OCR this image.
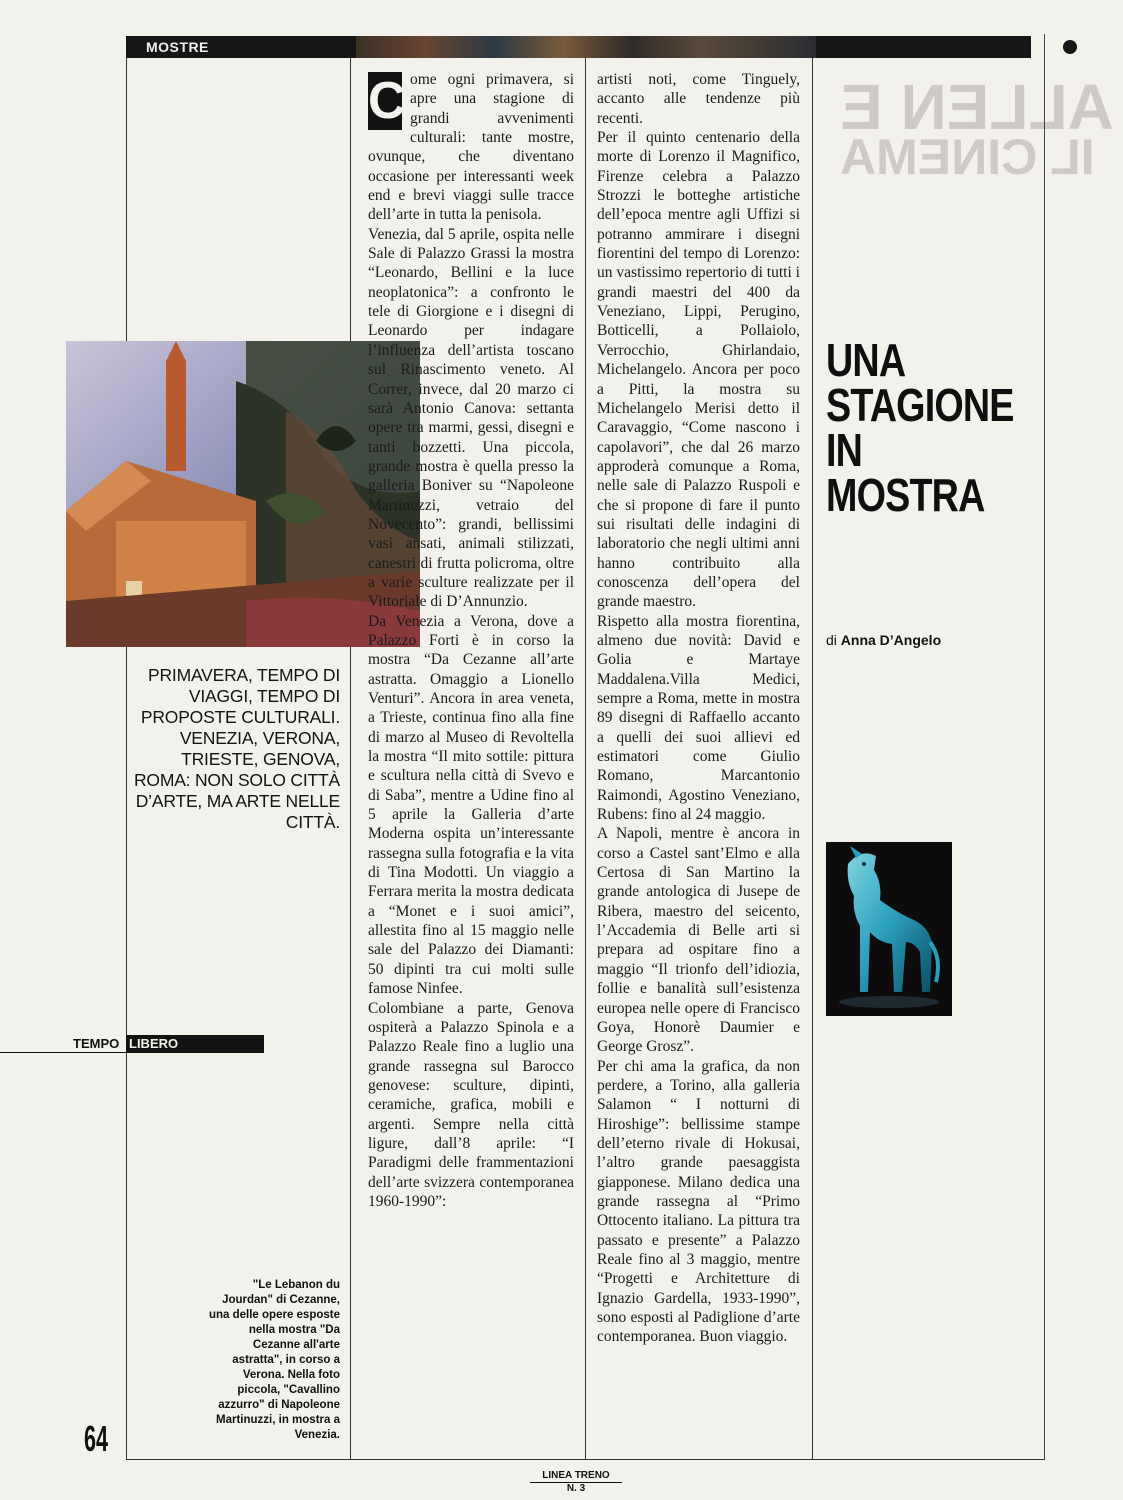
ALLEN E
IL CINEMA
MOSTRE
PRIMAVERA, TEMPO DI VIAGGI, TEMPO DI PROPOSTE CULTURALI. VENEZIA, VERONA, TRIESTE, GENOVA, ROMA: NON SOLO CITTÀ D’ARTE, MA ARTE NELLE CITTÀ.
C ome ogni primavera, si apre una stagione di grandi avvenimenti culturali: tante mostre, ovunque, che diventano occasione per interessanti week end e brevi viaggi sulle tracce dell’arte in tutta la penisola.

Venezia, dal 5 aprile, ospita nelle Sale di Palazzo Grassi la mostra “Leonardo, Bellini e la luce neoplatonica”: a confronto le tele di Giorgione e i disegni di Leonardo per indagare l’influenza dell’artista toscano sul Rinascimento veneto. Al Correr, invece, dal 20 marzo ci sarà Antonio Canova: settanta opere tra marmi, gessi, disegni e tanti bozzetti. Una piccola, grande mostra è quella presso la galleria Boniver su “Napoleone Martinuzzi, vetraio del Novecento”: grandi, bellissimi vasi ansati, animali stilizzati, canestri di frutta policroma, oltre a varie sculture realizzate per il Vittoriale di D’Annunzio.

Da Venezia a Verona, dove a Palazzo Forti è in corso la mostra “Da Cezanne all’arte astratta. Omaggio a Lionello Venturi”. Ancora in area veneta, a Trieste, continua fino alla fine di marzo al Museo di Revoltella la mostra “Il mito sottile: pittura e scultura nella città di Svevo e di Saba”, mentre a Udine fino al 5 aprile la Galleria d’arte Moderna ospita un’interessante rassegna sulla fotografia e la vita di Tina Modotti. Un viaggio a Ferrara merita la mostra dedicata a “Monet e i suoi amici”, allestita fino al 15 maggio nelle sale del Palazzo dei Diamanti: 50 dipinti tra cui molti sulle famose Ninfee.

Colombiane a parte, Genova ospiterà a Palazzo Spinola e a Palazzo Reale fino a luglio una grande rassegna sul Barocco genovese: sculture, dipinti, ceramiche, grafica, mobili e argenti. Sempre nella città ligure, dall’8 aprile: “I Paradigmi delle frammentazioni dell’arte svizzera contemporanea 1960-1990”:

artisti noti, come Tinguely, accanto alle tendenze più recenti.

Per il quinto centenario della morte di Lorenzo il Magnifico, Firenze celebra a Palazzo Strozzi le botteghe artistiche dell’epoca mentre agli Uffizi si potranno ammirare i disegni fiorentini del tempo di Lorenzo: un vastissimo repertorio di tutti i grandi maestri del 400 da Veneziano, Lippi, Perugino, Botticelli, a Pollaiolo, Verrocchio, Ghirlandaio, Michelangelo. Ancora per poco a Pitti, la mostra su Michelangelo Merisi detto il Caravaggio, “Come nascono i capolavori”, che dal 26 marzo approderà comunque a Roma, nelle sale di Palazzo Ruspoli e che si propone di fare il punto sui risultati delle indagini di laboratorio che negli ultimi anni hanno contribuito alla conoscenza dell’opera del grande maestro.

Rispetto alla mostra fiorentina, almeno due novità: David e Golia e Martaye Maddalena.Villa Medici, sempre a Roma, mette in mostra 89 disegni di Raffaello accanto a quelli dei suoi allievi ed estimatori come Giulio Romano, Marcantonio Raimondi, Agostino Veneziano, Rubens: fino al 24 maggio.

A Napoli, mentre è ancora in corso a Castel sant’Elmo e alla Certosa di San Martino la grande antologica di Jusepe de Ribera, maestro del seicento, l’Accademia di Belle arti si prepara ad ospitare fino a maggio “Il trionfo dell’idiozia, follie e banalità sull’esistenza europea nelle opere di Francisco Goya, Honorè Daumier e George Grosz”.

Per chi ama la grafica, da non perdere, a Torino, alla galleria Salamon “ I notturni di Hiroshige”: bellissime stampe dell’eterno rivale di Hokusai, l’altro grande paesaggista giapponese. Milano dedica una grande rassegna al “Primo Ottocento italiano. La pittura tra passato e presente” a Palazzo Reale fino al 3 maggio, mentre “Progetti e Architetture di Ignazio Gardella, 1933-1990”, sono esposti al Padiglione d’arte contemporanea. Buon viaggio.

UNA
STAGIONE
IN
MOSTRA
di Anna D’Angelo
TEMPO LIBERO
"Le Lebanon du Jourdan" di Cezanne, una delle opere esposte nella mostra "Da Cezanne all'arte astratta", in corso a Verona. Nella foto piccola, "Cavallino azzurro" di Napoleone Martinuzzi, in mostra a Venezia.
64
LINEA TRENO
N. 3
